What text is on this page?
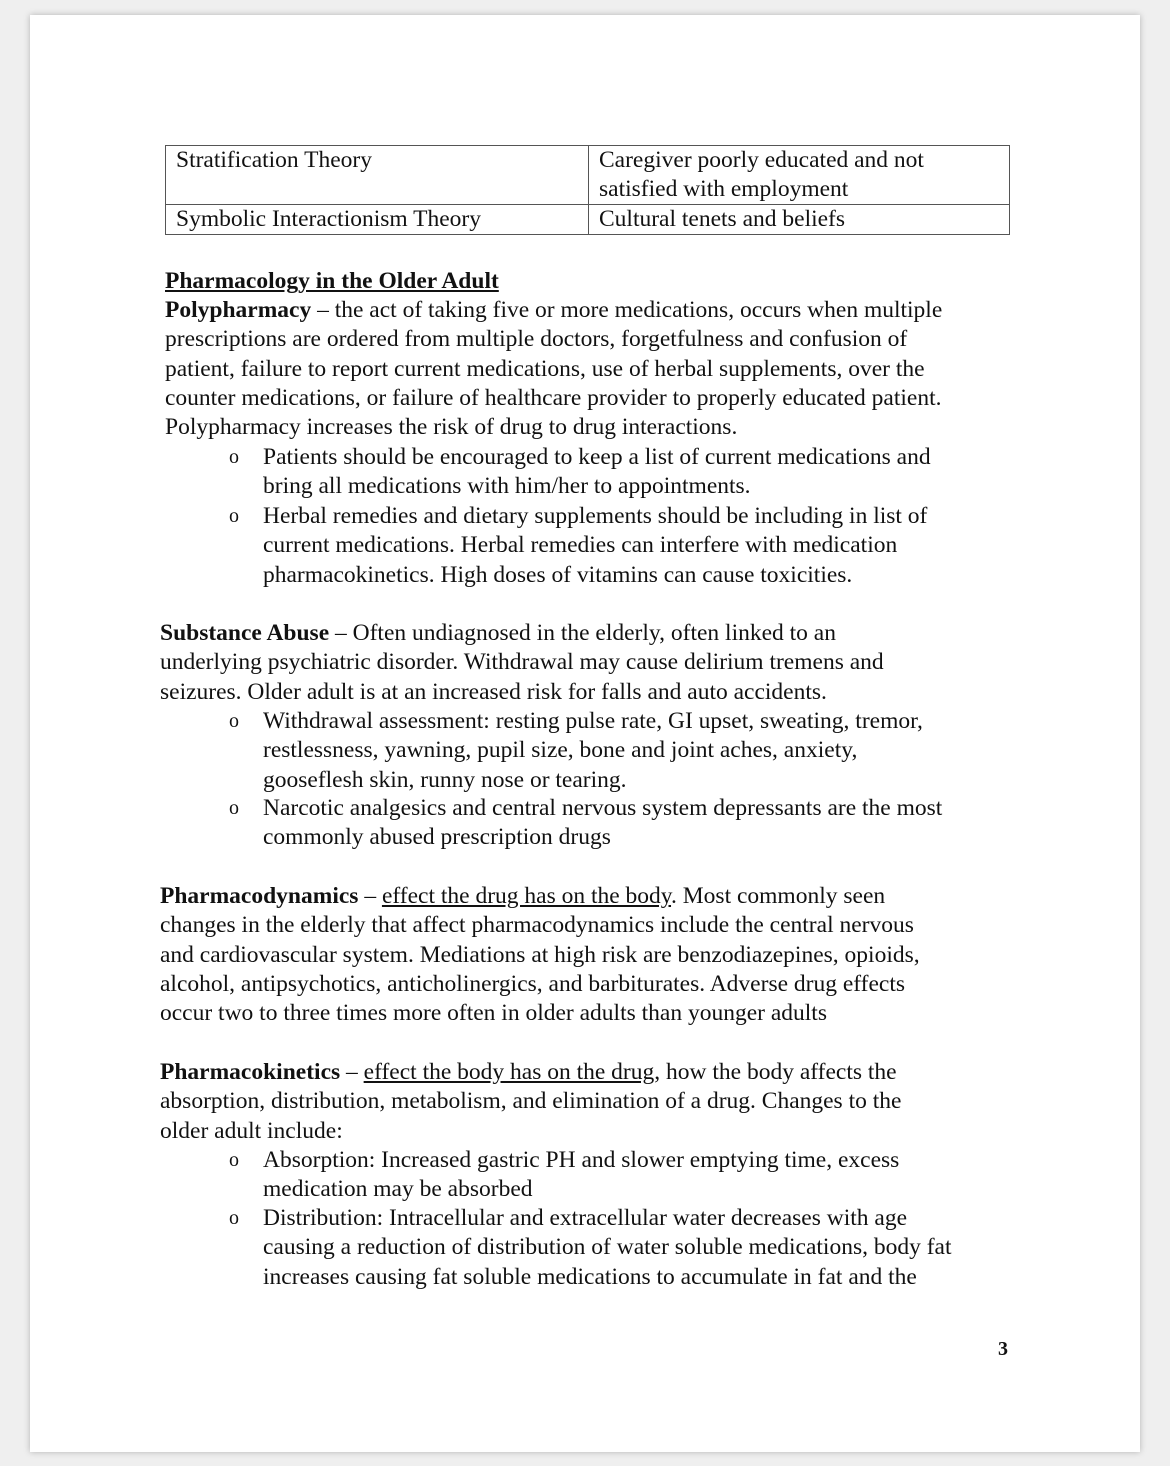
Stratification Theory	Caregiver poorly educated and not
satisfied with employment
Symbolic Interactionism Theory	Cultural tenets and beliefs
Pharmacology in the Older Adult
Polypharmacy – the act of taking five or more medications, occurs when multiple
prescriptions are ordered from multiple doctors, forgetfulness and confusion of
patient, failure to report current medications, use of herbal supplements, over the
counter medications, or failure of healthcare provider to properly educated patient.
Polypharmacy increases the risk of drug to drug interactions.
o Patients should be encouraged to keep a list of current medications and
bring all medications with him/her to appointments.
o Herbal remedies and dietary supplements should be including in list of
current medications. Herbal remedies can interfere with medication
pharmacokinetics. High doses of vitamins can cause toxicities.
Substance Abuse – Often undiagnosed in the elderly, often linked to an
underlying psychiatric disorder. Withdrawal may cause delirium tremens and
seizures. Older adult is at an increased risk for falls and auto accidents.
o Withdrawal assessment: resting pulse rate, GI upset, sweating, tremor,
restlessness, yawning, pupil size, bone and joint aches, anxiety,
gooseflesh skin, runny nose or tearing.
o Narcotic analgesics and central nervous system depressants are the most
commonly abused prescription drugs
Pharmacodynamics – effect the drug has on the body. Most commonly seen
changes in the elderly that affect pharmacodynamics include the central nervous
and cardiovascular system. Mediations at high risk are benzodiazepines, opioids,
alcohol, antipsychotics, anticholinergics, and barbiturates. Adverse drug effects
occur two to three times more often in older adults than younger adults
Pharmacokinetics – effect the body has on the drug, how the body affects the
absorption, distribution, metabolism, and elimination of a drug. Changes to the
older adult include:
o Absorption: Increased gastric PH and slower emptying time, excess
medication may be absorbed
o Distribution: Intracellular and extracellular water decreases with age
causing a reduction of distribution of water soluble medications, body fat
increases causing fat soluble medications to accumulate in fat and the
3
